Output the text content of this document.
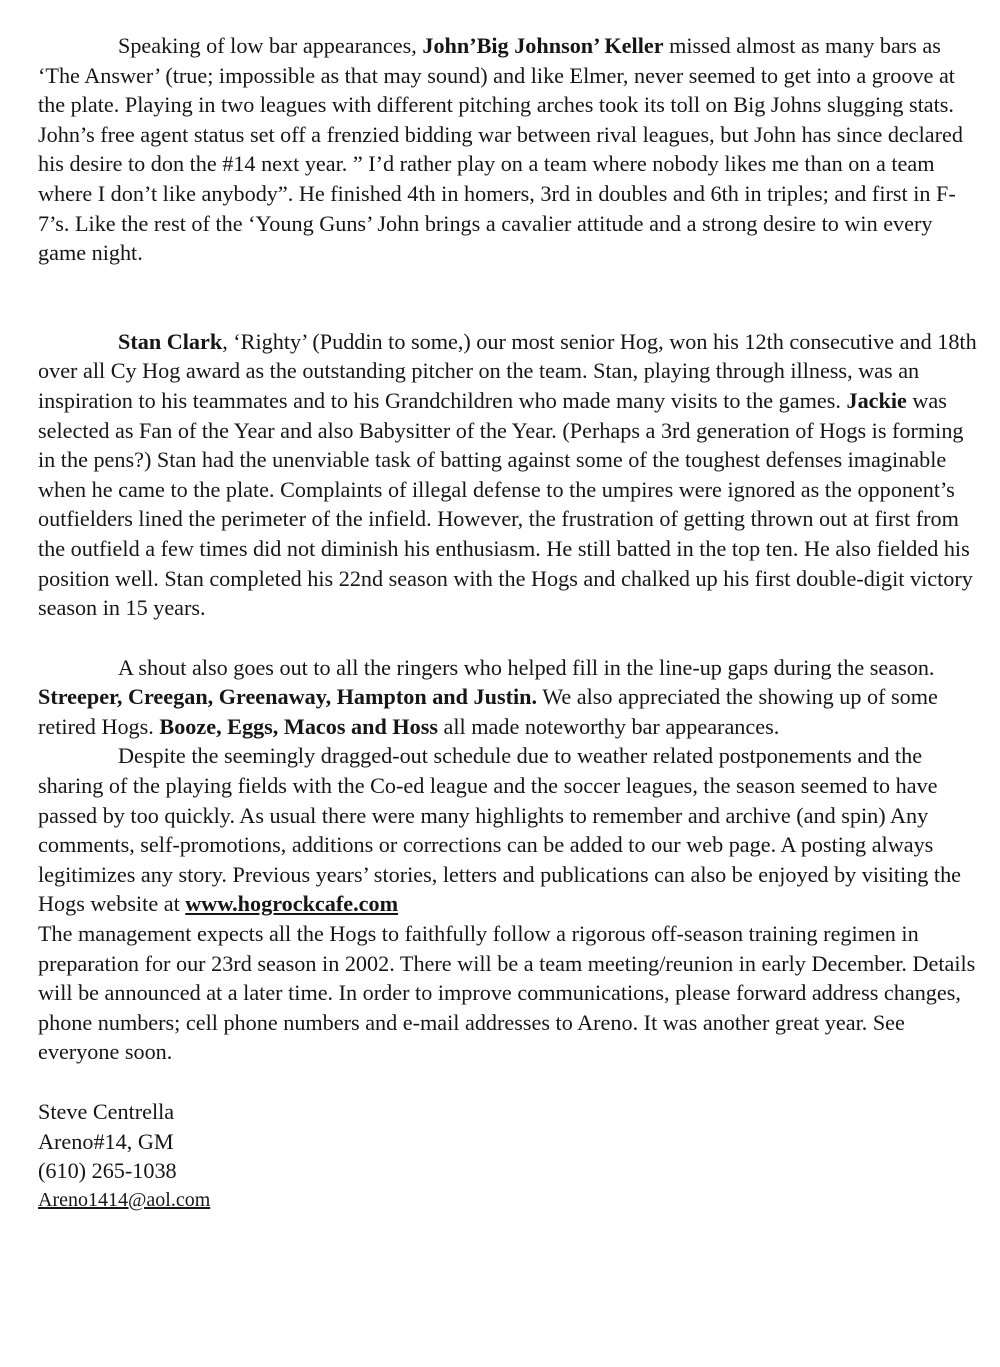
Speaking of low bar appearances, John’Big Johnson’ Keller missed almost as many bars as ‘The Answer’ (true; impossible as that may sound) and like Elmer, never seemed to get into a groove at the plate. Playing in two leagues with different pitching arches took its toll on Big Johns slugging stats. John’s free agent status set off a frenzied bidding war between rival leagues, but John has since declared his desire to don the #14 next year. ” I’d rather play on a team where nobody likes me than on a team where I don’t like anybody”. He finished 4th in homers, 3rd in doubles and 6th in triples; and first in F-7’s. Like the rest of the ‘Young Guns’ John brings a cavalier attitude and a strong desire to win every game night.

Stan Clark, ‘Righty’ (Puddin to some,) our most senior Hog, won his 12th consecutive and 18th over all Cy Hog award as the outstanding pitcher on the team. Stan, playing through illness, was an inspiration to his teammates and to his Grandchildren who made many visits to the games. Jackie was selected as Fan of the Year and also Babysitter of the Year. (Perhaps a 3rd generation of Hogs is forming in the pens?) Stan had the unenviable task of batting against some of the toughest defenses imaginable when he came to the plate. Complaints of illegal defense to the umpires were ignored as the opponent’s outfielders lined the perimeter of the infield. However, the frustration of getting thrown out at first from the outfield a few times did not diminish his enthusiasm. He still batted in the top ten. He also fielded his position well. Stan completed his 22nd season with the Hogs and chalked up his first double-digit victory season in 15 years.

A shout also goes out to all the ringers who helped fill in the line-up gaps during the season. Streeper, Creegan, Greenaway, Hampton and Justin. We also appreciated the showing up of some retired Hogs. Booze, Eggs, Macos and Hoss all made noteworthy bar appearances.

Despite the seemingly dragged-out schedule due to weather related postponements and the sharing of the playing fields with the Co-ed league and the soccer leagues, the season seemed to have passed by too quickly. As usual there were many highlights to remember and archive (and spin) Any comments, self-promotions, additions or corrections can be added to our web page. A posting always legitimizes any story. Previous years’ stories, letters and publications can also be enjoyed by visiting the Hogs website at www.hogrockcafe.com

The management expects all the Hogs to faithfully follow a rigorous off-season training regimen in preparation for our 23rd season in 2002. There will be a team meeting/reunion in early December. Details will be announced at a later time. In order to improve communications, please forward address changes, phone numbers; cell phone numbers and e-mail addresses to Areno. It was another great year. See everyone soon.

Steve Centrella
Areno#14, GM
(610) 265-1038
Areno1414@aol.com
